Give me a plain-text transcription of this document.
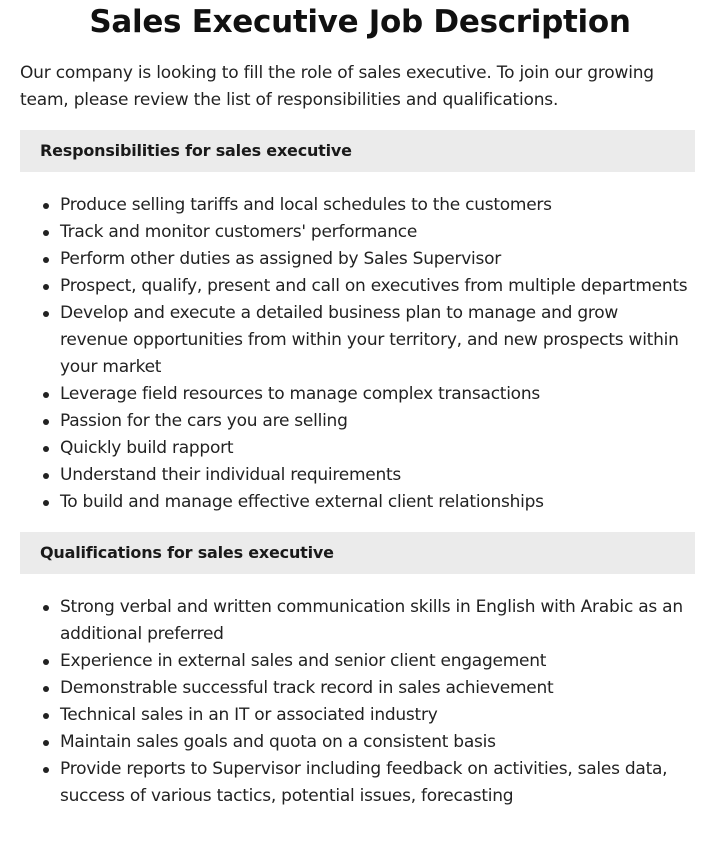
Sales Executive Job Description

Our company is looking to fill the role of sales executive. To join our growing team, please review the list of responsibilities and qualifications.

Responsibilities for sales executive
Produce selling tariffs and local schedules to the customers
Track and monitor customers' performance
Perform other duties as assigned by Sales Supervisor
Prospect, qualify, present and call on executives from multiple departments
Develop and execute a detailed business plan to manage and grow revenue opportunities from within your territory, and new prospects within your market
Leverage field resources to manage complex transactions
Passion for the cars you are selling
Quickly build rapport
Understand their individual requirements
To build and manage effective external client relationships
Qualifications for sales executive
Strong verbal and written communication skills in English with Arabic as an additional preferred
Experience in external sales and senior client engagement
Demonstrable successful track record in sales achievement
Technical sales in an IT or associated industry
Maintain sales goals and quota on a consistent basis
Provide reports to Supervisor including feedback on activities, sales data, success of various tactics, potential issues, forecasting
